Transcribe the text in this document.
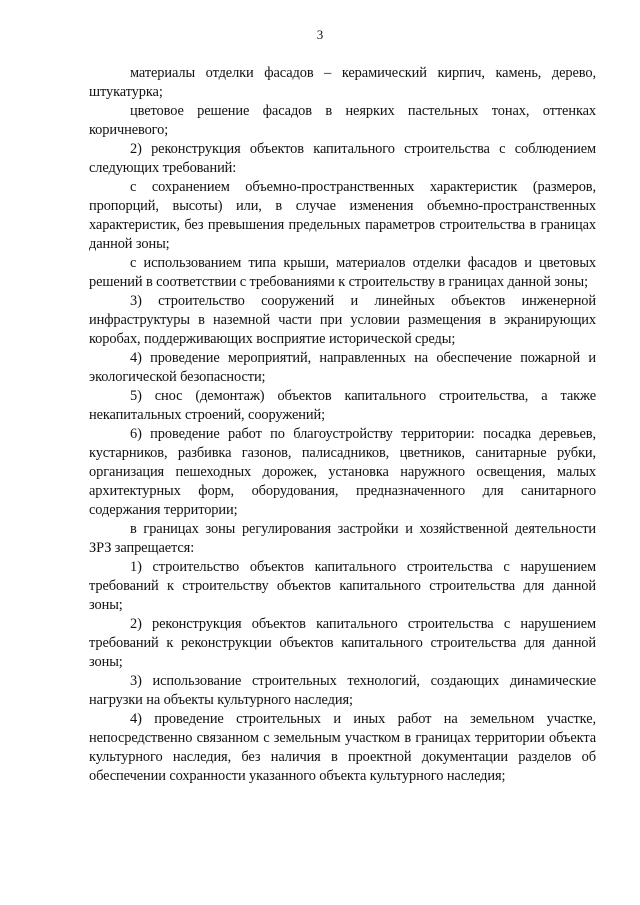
3

материалы отделки фасадов – керамический кирпич, камень, дерево, штукатурка;

цветовое решение фасадов в неярких пастельных тонах, оттенках коричневого;

2) реконструкция объектов капитального строительства с соблюдением следующих требований:

с сохранением объемно-пространственных характеристик (размеров, пропорций, высоты) или, в случае изменения объемно-пространственных характеристик, без превышения предельных параметров строительства в границах данной зоны;

с использованием типа крыши, материалов отделки фасадов и цветовых решений в соответствии с требованиями к строительству в границах данной зоны;

3) строительство сооружений и линейных объектов инженерной инфраструктуры в наземной части при условии размещения в экранирующих коробах, поддерживающих восприятие исторической среды;

4) проведение мероприятий, направленных на обеспечение пожарной и экологической безопасности;

5) снос (демонтаж) объектов капитального строительства, а также некапитальных строений, сооружений;

6) проведение работ по благоустройству территории: посадка деревьев, кустарников, разбивка газонов, палисадников, цветников, санитарные рубки, организация пешеходных дорожек, установка наружного освещения, малых архитектурных форм, оборудования, предназначенного для санитарного содержания территории;

в границах зоны регулирования застройки и хозяйственной деятельности ЗРЗ запрещается:

1) строительство объектов капитального строительства с нарушением требований к строительству объектов капитального строительства для данной зоны;

2) реконструкция объектов капитального строительства с нарушением требований к реконструкции объектов капитального строительства для данной зоны;

3) использование строительных технологий, создающих динамические нагрузки на объекты культурного наследия;

4) проведение строительных и иных работ на земельном участке, непосредственно связанном с земельным участком в границах территории объекта культурного наследия, без наличия в проектной документации разделов об обеспечении сохранности указанного объекта культурного наследия;
